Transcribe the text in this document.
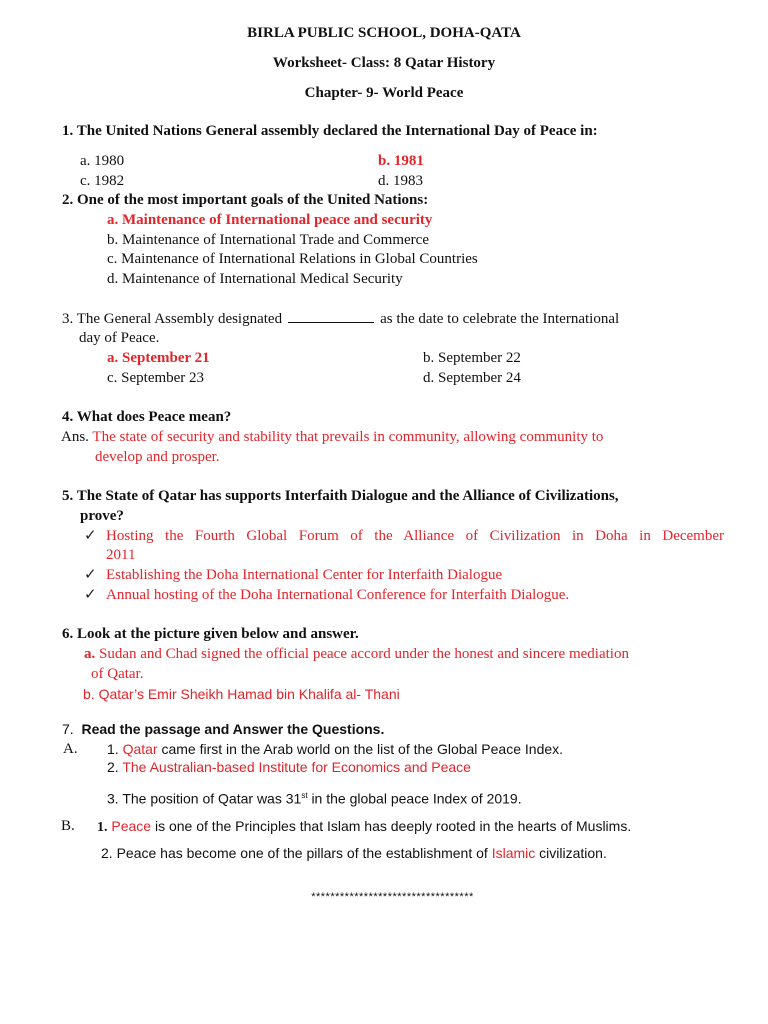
BIRLA PUBLIC SCHOOL, DOHA-QATA
Worksheet- Class: 8 Qatar History
Chapter- 9- World Peace
1. The United Nations General assembly declared the International Day of Peace in:
a. 1980	b. 1981
c. 1982	d. 1983
2. One of the most important goals of the United Nations:
a. Maintenance of International peace and security
b. Maintenance of International Trade and Commerce
c. Maintenance of International Relations in Global Countries
d. Maintenance of International Medical Security
3. The General Assembly designated	as the date to celebrate the International
day of Peace.
a. September 21	b. September 22
c. September 23	d. September 24
4. What does Peace mean?
Ans. The state of security and stability that prevails in community, allowing community to
develop and prosper.
5. The State of Qatar has supports Interfaith Dialogue and the Alliance of Civilizations,
prove?
✓ Hosting the Fourth Global Forum of the Alliance of Civilization in Doha in December
2011
✓ Establishing the Doha International Center for Interfaith Dialogue
✓ Annual hosting of the Doha International Conference for Interfaith Dialogue.
6. Look at the picture given below and answer.
a. Sudan and Chad signed the official peace accord under the honest and sincere mediation
of Qatar.
b. Qatar’s Emir Sheikh Hamad bin Khalifa al- Thani
7. Read the passage and Answer the Questions.
A. 1. Qatar came first in the Arab world on the list of the Global Peace Index.
2. The Australian-based Institute for Economics and Peace
3. The position of Qatar was 31st in the global peace Index of 2019.
B. 1. Peace is one of the Principles that Islam has deeply rooted in the hearts of Muslims.
2. Peace has become one of the pillars of the establishment of Islamic civilization.
**********************************
